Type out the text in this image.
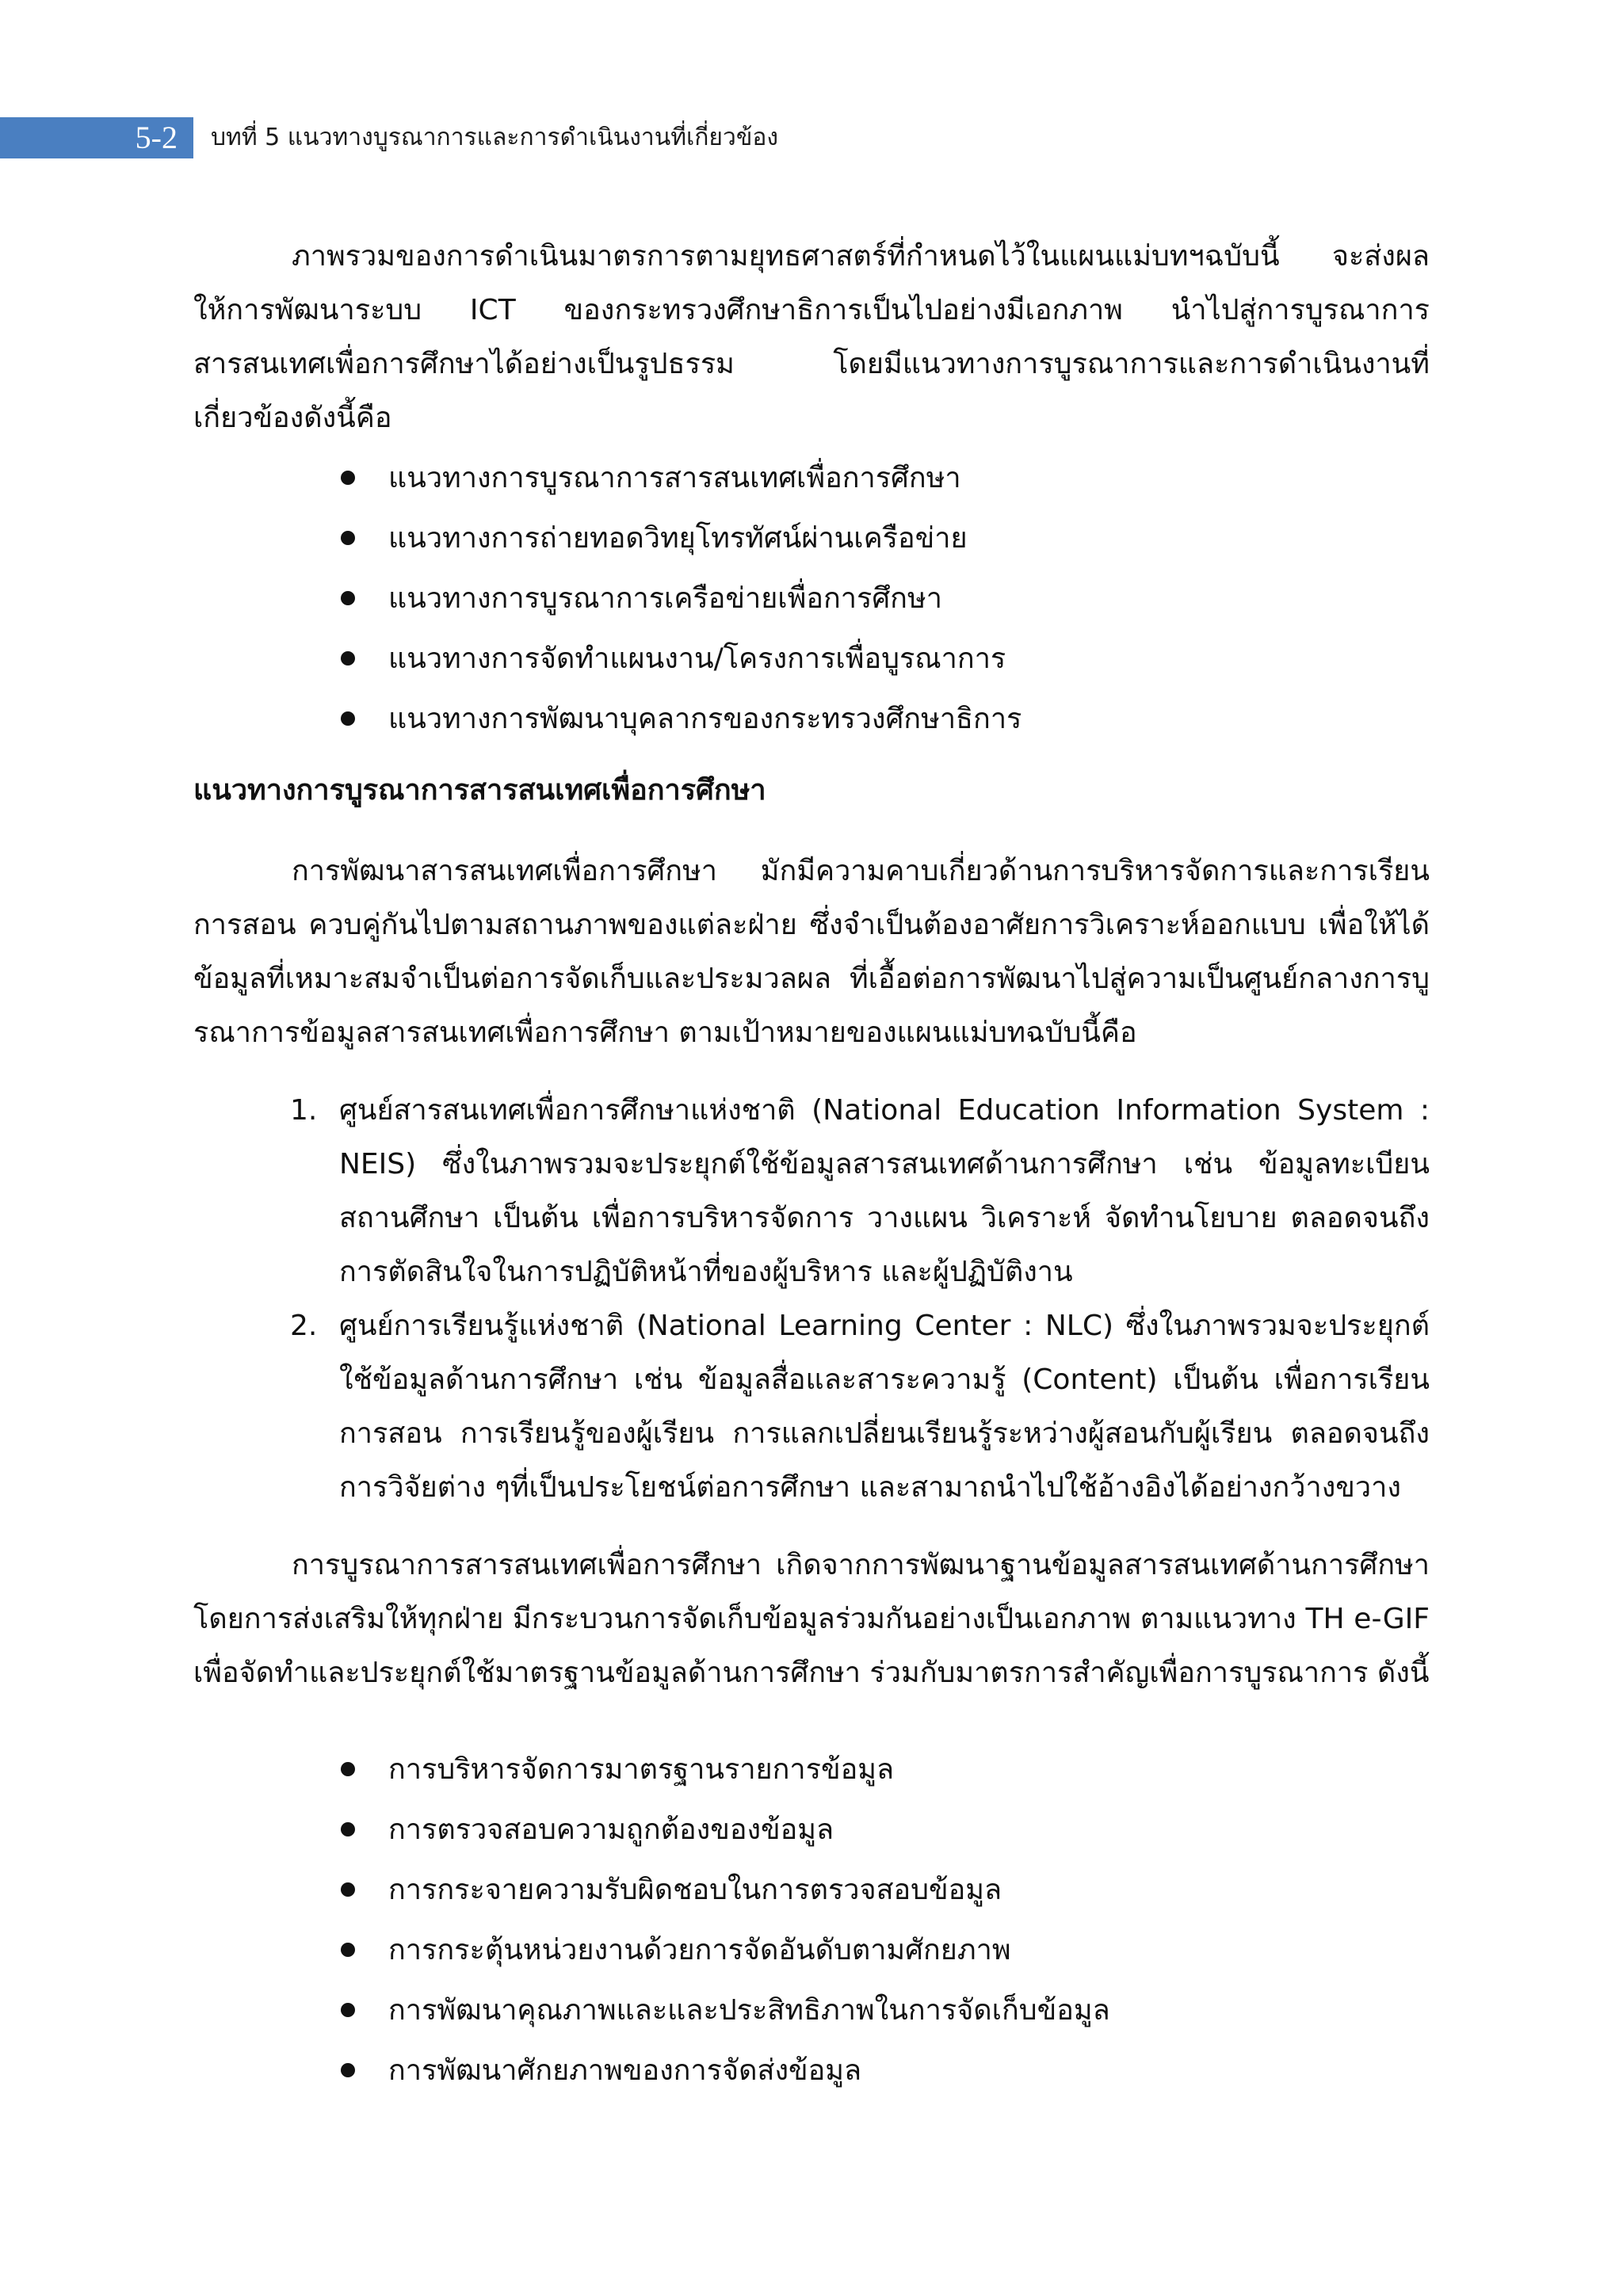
5-2	บทที่ 5 แนวทางบูรณาการและการดำเนินงานที่เกี่ยวข้อง

ภาพรวมของการดำเนินมาตรการตามยุทธศาสตร์ที่กำหนดไว้ในแผนแม่บทฯฉบับนี้ จะส่งผลให้การพัฒนาระบบ ICT ของกระทรวงศึกษาธิการเป็นไปอย่างมีเอกภาพ นำไปสู่การบูรณาการสารสนเทศเพื่อการศึกษาได้อย่างเป็นรูปธรรม โดยมีแนวทางการบูรณาการและการดำเนินงานที่เกี่ยวข้องดังนี้คือ

แนวทางการบูรณาการสารสนเทศเพื่อการศึกษา
แนวทางการถ่ายทอดวิทยุโทรทัศน์ผ่านเครือข่าย
แนวทางการบูรณาการเครือข่ายเพื่อการศึกษา
แนวทางการจัดทำแผนงาน/โครงการเพื่อบูรณาการ
แนวทางการพัฒนาบุคลากรของกระทรวงศึกษาธิการ
แนวทางการบูรณาการสารสนเทศเพื่อการศึกษา

การพัฒนาสารสนเทศเพื่อการศึกษา มักมีความคาบเกี่ยวด้านการบริหารจัดการและการเรียนการสอน ควบคู่กันไปตามสถานภาพของแต่ละฝ่าย ซึ่งจำเป็นต้องอาศัยการวิเคราะห์ออกแบบ เพื่อให้ได้ข้อมูลที่เหมาะสมจำเป็นต่อการจัดเก็บและประมวลผล ที่เอื้อต่อการพัฒนาไปสู่ความเป็นศูนย์กลางการบูรณาการข้อมูลสารสนเทศเพื่อการศึกษา ตามเป้าหมายของแผนแม่บทฉบับนี้คือ

1. ศูนย์สารสนเทศเพื่อการศึกษาแห่งชาติ (National Education Information System : NEIS) ซึ่งในภาพรวมจะประยุกต์ใช้ข้อมูลสารสนเทศด้านการศึกษา เช่น ข้อมูลทะเบียนสถานศึกษา เป็นต้น เพื่อการบริหารจัดการ วางแผน วิเคราะห์ จัดทำนโยบาย ตลอดจนถึงการตัดสินใจในการปฏิบัติหน้าที่ของผู้บริหาร และผู้ปฏิบัติงาน
2. ศูนย์การเรียนรู้แห่งชาติ (National Learning Center : NLC) ซึ่งในภาพรวมจะประยุกต์ใช้ข้อมูลด้านการศึกษา เช่น ข้อมูลสื่อและสาระความรู้ (Content) เป็นต้น เพื่อการเรียนการสอน การเรียนรู้ของผู้เรียน การแลกเปลี่ยนเรียนรู้ระหว่างผู้สอนกับผู้เรียน ตลอดจนถึงการวิจัยต่าง ๆที่เป็นประโยชน์ต่อการศึกษา และสามาถนำไปใช้อ้างอิงได้อย่างกว้างขวาง

การบูรณาการสารสนเทศเพื่อการศึกษา เกิดจากการพัฒนาฐานข้อมูลสารสนเทศด้านการศึกษา โดยการส่งเสริมให้ทุกฝ่าย มีกระบวนการจัดเก็บข้อมูลร่วมกันอย่างเป็นเอกภาพ ตามแนวทาง TH e-GIF เพื่อจัดทำและประยุกต์ใช้มาตรฐานข้อมูลด้านการศึกษา ร่วมกับมาตรการสำคัญเพื่อการบูรณาการ ดังนี้

การบริหารจัดการมาตรฐานรายการข้อมูล
การตรวจสอบความถูกต้องของข้อมูล
การกระจายความรับผิดชอบในการตรวจสอบข้อมูล
การกระตุ้นหน่วยงานด้วยการจัดอันดับตามศักยภาพ
การพัฒนาคุณภาพและและประสิทธิภาพในการจัดเก็บข้อมูล
การพัฒนาศักยภาพของการจัดส่งข้อมูล
